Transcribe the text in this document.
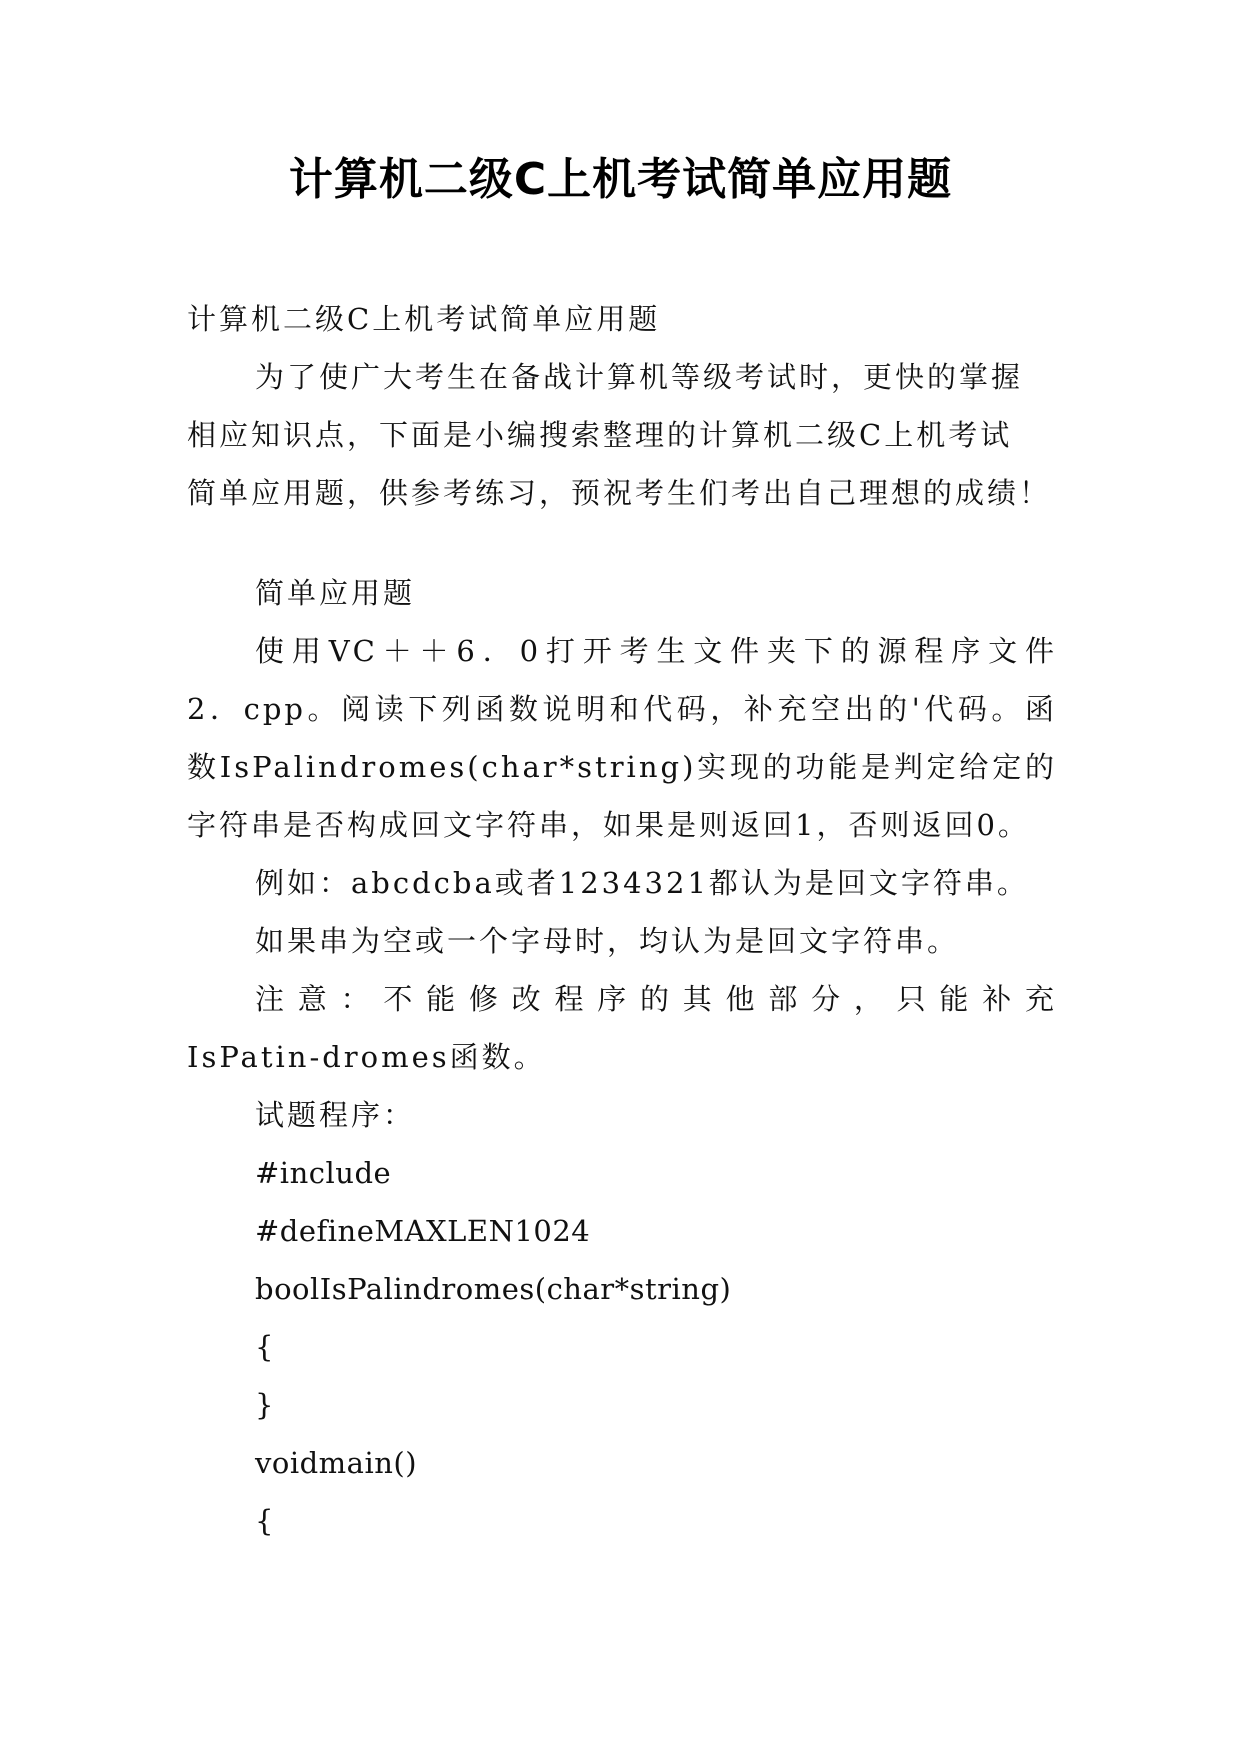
计算机二级C上机考试简单应用题
计算机二级C上机考试简单应用题
为了使广大考生在备战计算机等级考试时，更快的掌握
相应知识点，下面是小编搜索整理的计算机二级C上机考试
简单应用题，供参考练习，预祝考生们考出自己理想的成绩！
简单应用题
使用VC＋＋6．0打开考生文件夹下的源程序文件
2．cpp。阅读下列函数说明和代码，补充空出的'代码。函
数IsPalindromes(char*string)实现的功能是判定给定的
字符串是否构成回文字符串，如果是则返回1，否则返回0。
例如：abcdcba或者1234321都认为是回文字符串。
如果串为空或一个字母时，均认为是回文字符串。
注意：不能修改程序的其他部分，只能补充
IsPatin-dromes函数。
试题程序：
#include
#defineMAXLEN1024
boolIsPalindromes(char*string)
{
}
voidmain()
{
